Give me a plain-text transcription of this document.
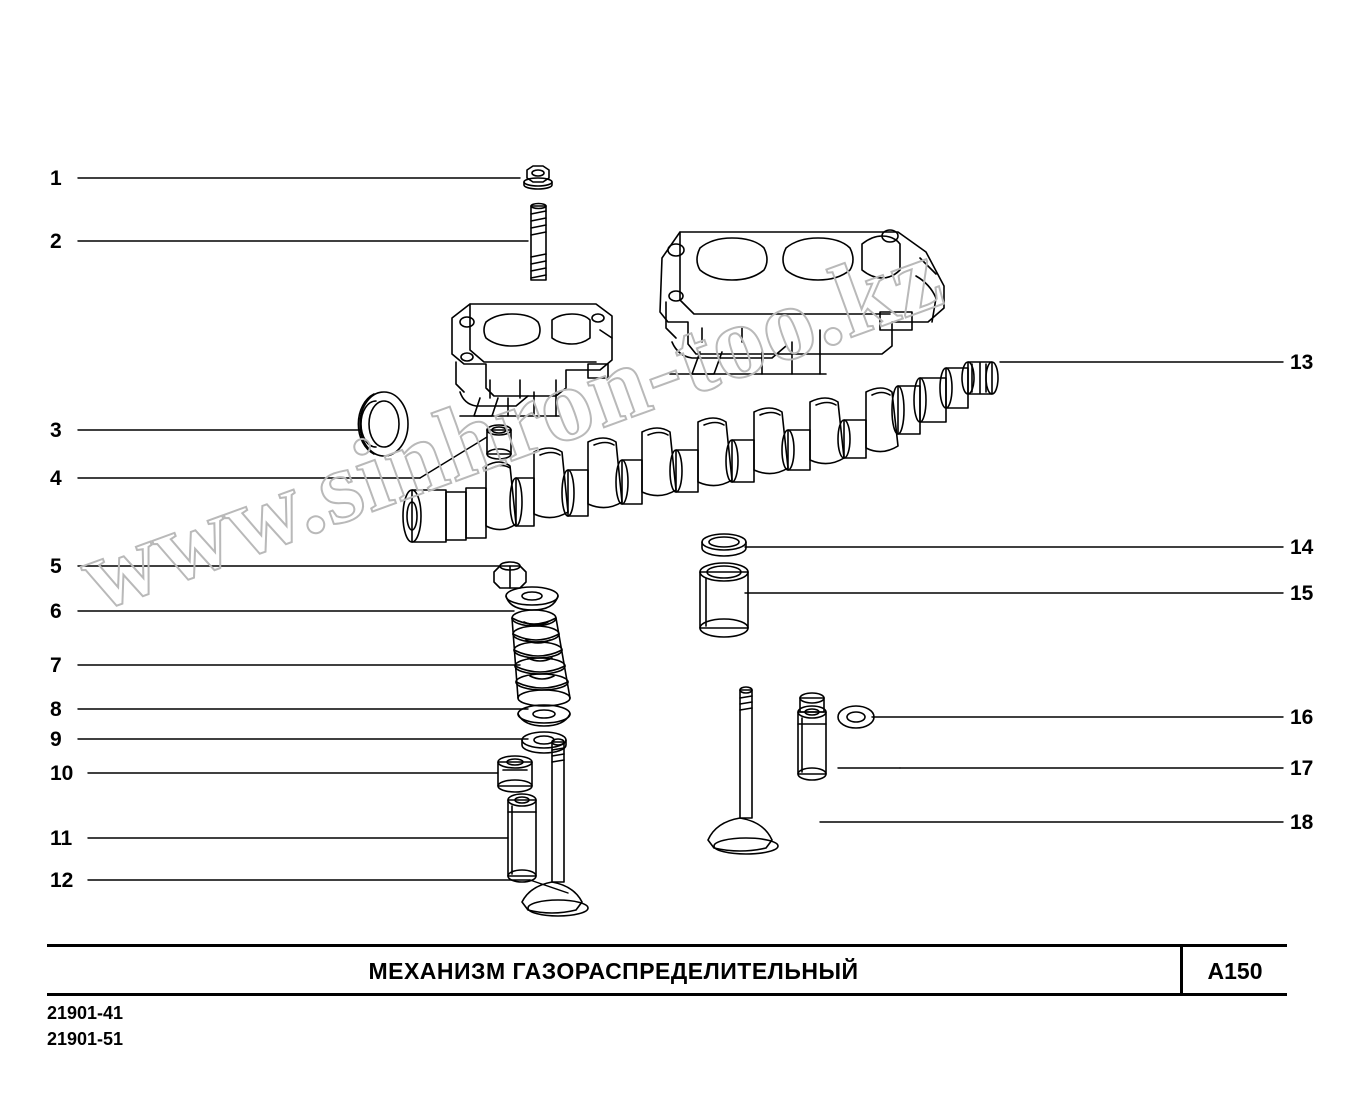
1
2
3
4
5
6
7
8
9
10
11
12
13
14
15
16
17
18
www.sinhron-too.kz
МЕХАНИЗМ ГАЗОРАСПРЕДЕЛИТЕЛЬНЫЙ	A150
21901-41
21901-51
